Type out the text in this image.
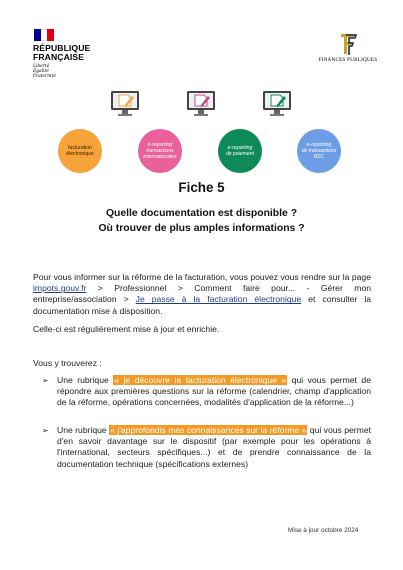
RÉPUBLIQUE
FRANÇAISE
Liberté
Égalité
Fraternité
FINANCES PUBLIQUES
facturation
électronique
e-reporting
transactions
internationales
e-reporting
de paiement
e-reporting
de transactions
B2C
Fiche 5
Quelle documentation est disponible ?
Où trouver de plus amples informations ?
Pour vous informer sur la réforme de la facturation, vous pouvez vous rendre sur la page impots.gouv.fr > Professionnel > Comment faire pour... - Gérer mon entreprise/association > Je passe à la facturation électronique et consulter la documentation mise à disposition.
Celle-ci est régulièrement mise à jour et enrichie.
Vous y trouverez :
➢ Une rubrique « je découvre la facturation électronique » qui vous permet de répondre aux premières questions sur la réforme (calendrier, champ d'application de la réforme, opérations concernées, modalités d'application de la réforme...)
➢ Une rubrique « j'approfondis mes connaissances sur la réforme » qui vous permet d'en savoir davantage sur le dispositif (par exemple pour les opérations à l'international, secteurs spécifiques...) et de prendre connaissance de la documentation technique (spécifications externes)
Mise à jour octobre 2024
